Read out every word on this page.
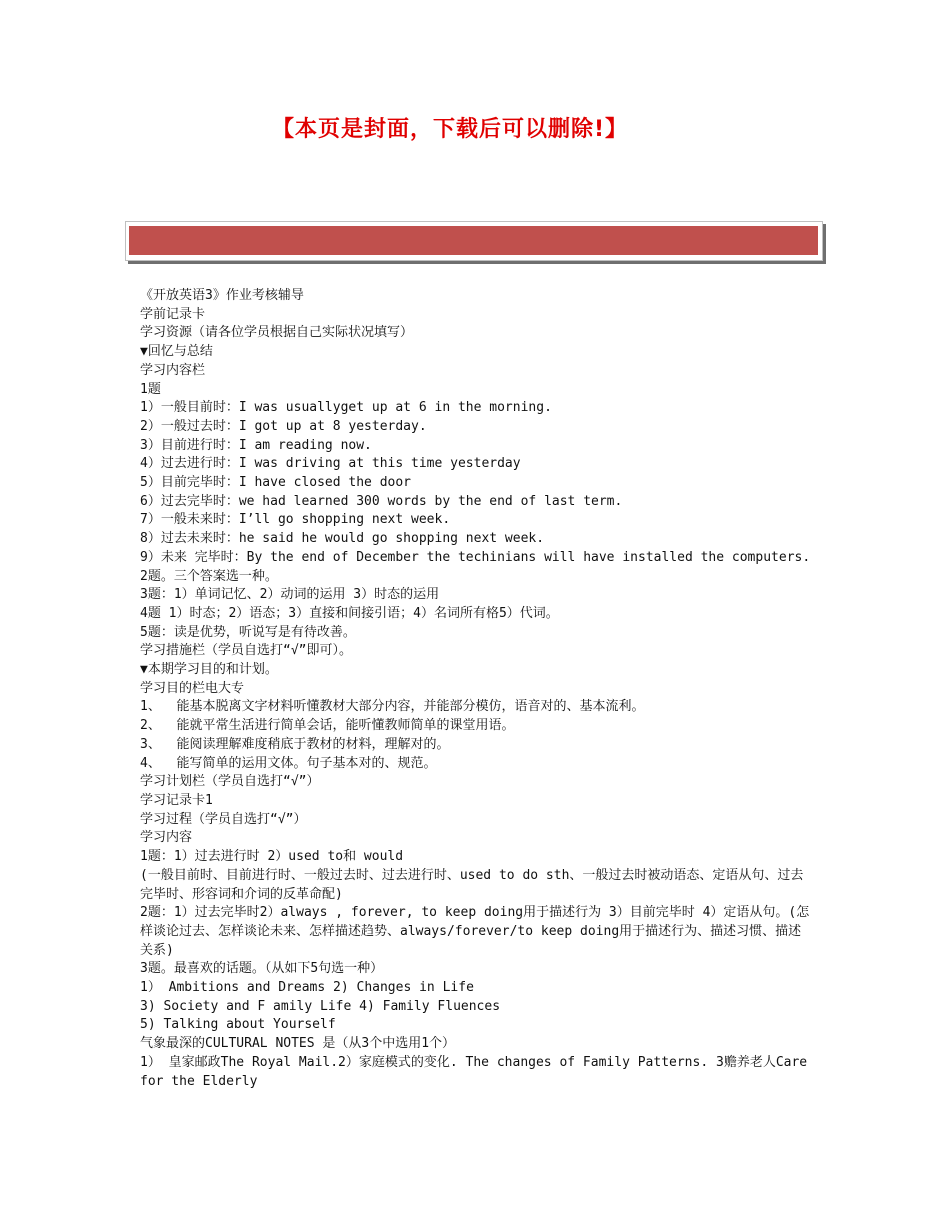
【本页是封面，下载后可以删除!】

《开放英语3》作业考核辅导

学前记录卡

学习资源（请各位学员根据自己实际状况填写）

▼回忆与总结

学习内容栏

1题

1）一般目前时：I was usuallyget up at 6 in the morning.

2）一般过去时：I got up at 8 yesterday.

3）目前进行时：I am reading now.

4）过去进行时：I was driving at this time yesterday

5）目前完毕时：I have closed the door

6）过去完毕时：we had learned 300 words by the end of last term.

7）一般未来时：I’ll go shopping next week.

8）过去未来时：he said he would go shopping next week.

9）未来 完毕时：By the end of December the techinians will have installed the computers.

2题。三个答案选一种。

3题：1）单词记忆、2）动词的运用 3）时态的运用

4题 1）时态；2）语态；3）直接和间接引语；4）名词所有格5）代词。

5题：读是优势，听说写是有待改善。

学习措施栏（学员自选打“√”即可）。

▼本期学习目的和计划。

学习目的栏电大专

1、  能基本脱离文字材料听懂教材大部分内容，并能部分模仿，语音对的、基本流利。

2、  能就平常生活进行简单会话，能听懂教师简单的课堂用语。

3、  能阅读理解难度稍底于教材的材料，理解对的。

4、  能写简单的运用文体。句子基本对的、规范。

学习计划栏（学员自选打“√”）

学习记录卡1

学习过程（学员自选打“√”）

学习内容

1题：1）过去进行时 2）used to和 would

(一般目前时、目前进行时、一般过去时、过去进行时、used to do sth、一般过去时被动语态、定语从句、过去完毕时、形容词和介词的反革命配)

2题：1）过去完毕时2）always , forever, to keep doing用于描述行为 3）目前完毕时 4）定语从句。(怎样谈论过去、怎样谈论未来、怎样描述趋势、always/forever/to keep doing用于描述行为、描述习惯、描述关系)

3题。最喜欢的话题。（从如下5句选一种）

1） Ambitions and Dreams 2) Changes in Life

3) Society and F amily Life 4) Family Fluences

5) Talking about Yourself

气象最深的CULTURAL NOTES 是（从3个中选用1个）

1） 皇家邮政The Royal Mail.2）家庭模式的变化. The changes of Family Patterns. 3赡养老人Care for the Elderly
